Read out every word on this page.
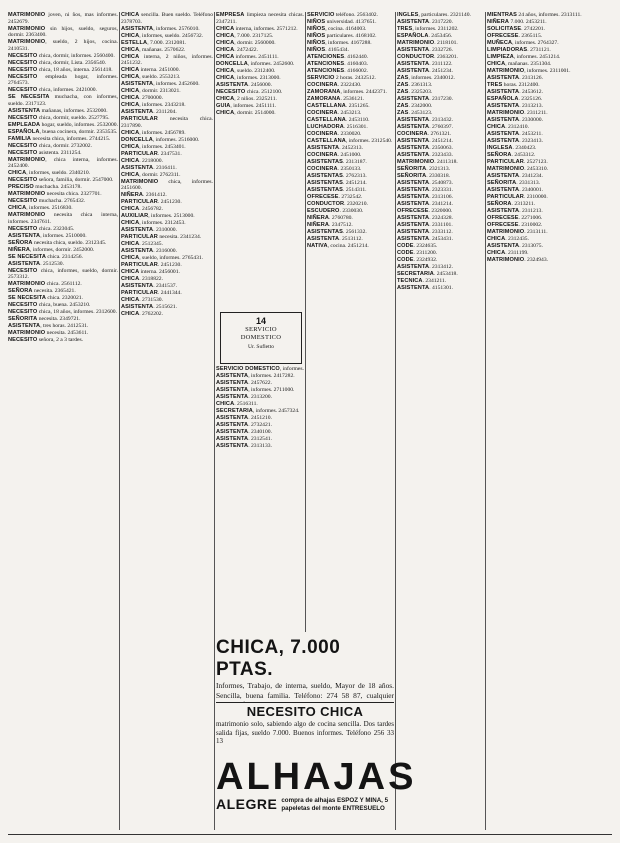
MATRIMONIO joven, ni ños, mas informes. 2452679.

MATRIMONIO sin hijos, sueldo, seguros, dormir. 2363400.

MATRIMONIO, sueldo, 2 hijos, cocina. 2410531.

NECESITO chica, dormir, informes. 2560400.

NECESITO chica, dormir, Lista. 2356540.

NECESITO chica, 18 años, interna. 2561418.

NECESITO empleada hogar, informes. 2764573.

NECESITO chica, informes. 2421000.

SE NECESITA muchacha, con informes, sueldo. 2317123.

ASISTENTA mañanas, informes. 2532000.

NECESITO chica, dormir, sueldo. 2527795.

EMPLEADA hogar, sueldo, informes. 2532000.

ESPAÑOLA, buena cocinera, dormir. 2353535.

FAMILIA necesita chica, informes. 2744215.

NECESITO chica, dormir. 2732002.

NECESITO asistenta. 2311254.

MATRIMONIO, chica interna, informes. 2452400.

CHICA, informes, sueldo. 2340210.

NECESITO señora, familia, dormir. 2547000.

PRECISO muchacha. 2453178.

MATRIMONIO necesita chica. 2327701.

NECESITO muchacha. 2765432.

CHICA, informes. 2516830.

MATRIMONIO necesita chica interna, informes. 2347611.

NECESITO chica. 2323045.

ASISTENTA, informes. 2510000.

SEÑORA necesita chica, sueldo. 2312345.

NIÑERA, informes, dormir. 2452000.

SE NECESITA chica. 2314256.

ASISTENTA. 2512530.

NECESITO chica, informes, sueldo, dormir. 2573312.

MATRIMONIO chica. 2561112.

SEÑORA necesita. 2365421.

SE NECESITA chica. 2320021.

NECESITO chica, buena. 2453210.

NECESITO chica, 18 años, informes. 2312600.

SEÑORITA necesita. 2349721.

ASISTENTA, tres horas. 2412531.

MATRIMONIO necesita. 2453611.

NECESITO señora, 2 a 3 tardes.

CHICA sencilla. Buen sueldo. Teléfono 2378703.

ASISTENTA, informes. 2576010.

CHICA, informes, sueldo. 2456732.

ESTELLA, 7.000. 2312081.

CHICA, mañanas. 2570622.

CHICA interna, 2 niños, informes. 2451232.

CHICA interna. 2451000.

CHICA, sueldo. 2553213.

ASISTENTA, informes. 2452600.

CHICA, dormir. 2313021.

CHICA. 2700000.

CHICA, informes. 2343218.

ASISTENTA. 2311204.

PARTICULAR necesita chica. 2317890.

CHICA, informes. 2456789.

DONCELLA, informes. 2516000.

CHICA, informes. 2453401.

PARTICULAR. 2347531.

CHICA. 2218000.

ASISTENTA. 2316411.

CHICA, dormir. 2762311.

MATRIMONIO chica, informes. 2451600.

NIÑERA. 2361412.

PARTICULAR. 2451230.

CHICA. 2456782.

AUXILIAR, informes. 2513000.

CHICA, informes. 2312453.

ASISTENTA. 2310000.

PARTICULAR necesita. 2341234.

CHICA. 2512345.

ASISTENTA. 2316000.

CHICA, sueldo, informes. 2765431.

PARTICULAR. 2451230.

CHICA interna. 2456001.

CHICA. 2318822.

ASISTENTA. 2341537.

PARTICULAR. 2441344.

CHICA. 2731530.

ASISTENTA. 2515621.

CHICA. 2762202.

EMPRESA limpieza necesita chicas. 2347211.

CHICA interna, informes. 2571212.

CHICA, 7.000. 2317125.

CHICA, dormir. 2560000.

CHICA. 2472422.

CHICA informes. 2451111.

DONCELLA, informes. 2452600.

CHICA, sueldo. 2312400.

CHICA, informes. 2313000.

ASISTENTA. 2456000.

NECESITO chica. 2512100.

CHICA, 2 niños. 2325211.

GUIA, informes. 2451111.

CHICA, dormir. 2514000.

SERVICIO DOMESTICO, informes.

ASISTENTA, informes. 2417282.

ASISTENTA. 2457622.

ASISTENTA, informes. 2711000.

ASISTENTA. 2313200.

CHICA. 2516311.

SECRETARIA, informes. 2457324.

ASISTENTA. 2451210.

ASISTENTA. 2732421.

ASISTENTA. 2340100.

ASISTENTA. 2312541.

ASISTENTA. 2313133.

SERVICIO teléfono. 2563402.

NIÑOS universidad. 4137651.

NIÑOS, cocina. 4164003.

NIÑOS particulares. 4168102.

NIÑOS, informes. 4167288.

NIÑOS. 4165434.

ATENCIONES. 4162440.

ATENCIONES. 4160403.

ATENCIONES. 4166002.

SERVICIO 2 horas. 2432512.

COCINERA. 2322430.

ZAMORANA, informes. 2442371.

ZAMORANA. 2536121.

CASTELLANA. 2351265.

COCINERA. 2453213.

CASTELLANA. 2453110.

LUCHADORA. 2516301.

COCINERA. 2330020.

CASTELLANA, informes. 2312540.

ASISTENTA. 2452313.

COCINERA. 2451000.

ASISTENTAS. 2313187.

COCINERA. 2350133.

ASISTENTAS. 2762313.

ASISTENTAS. 2451214.

ASISTENTAS. 2514311.

OFRECESE. 2732542.

CONDUCTOR. 2320210.

ESCUDERO. 2330030.

NIÑERA. 2760780.

NIÑERA. 2347512.

ASISTENTAS. 2561332.

ASISTENTA. 2513112.

NATIVA, cocina. 2451214.

INGLES, particulares. 2321140.

ASISTENTA. 2317220.

TRES, informes. 2311202.

ESPAÑOLA. 2453456.

MATRIMONIO. 2118101.

ASISTENTA. 2332726.

CONDUCTOR. 2363201.

ASISTENTA. 2311122.

ASISTENTA. 2451234.

ZAS, informes. 2340012.

ZAS. 2361313.

ZAS. 2325203.

ASISTENTA. 2317230.

ZAS. 2342000.

ZAS. 2453123.

ASISTENTA. 2313432.

ASISTENTA. 2760397.

COCINERA. 2761321.

ASISTENTA. 2451214.

ASISTENTA. 2350063.

ASISTENTA. 2323433.

MATRIMONIO. 2411318.

SEÑORITA. 2321313.

SEÑORITA. 2330318.

ASISTENTA. 2540873.

ASISTENTA. 2323331.

ASISTENTA. 2313106.

ASISTENTA. 2341214.

OFRECESE. 2320000.

ASISTENTA. 2324328.

ASISTENTA. 2331101.

ASISTENTA. 2333112.

ASISTENTA. 2453431.

CODE. 2324635.

CODE. 2311200.

CODE. 2324932.

ASISTENTA. 2313412.

SECRETARIA. 2453418.

TECNICA. 2341211.

ASISTENTA. 4151301.

MIENTRAS 24 años, informes. 2313111.

NIÑERA 7.000. 2453211.

SOLICITASE. 2742201.

OFRECESE. 2365115.

MUÑECA, informes. 2764327.

LIMPIADORAS. 2731121.

LIMPIEZA, informes. 2451214.

CHICA, mañanas. 2351304.

MATRIMONIO, informes. 2311001.

ASISTENTA. 2313126.

TRES horas. 2312400.

ASISTENTA. 2453612.

ESPAÑOLA. 2325126.

ASISTENTA. 2313213.

MATRIMONIO. 2311211.

ASISTENTA. 2330000.

CHICA. 2312410.

ASISTENTA. 2453211.

ASISTENTA. 2323413.

INGLESA. 2340423.

SEÑORA. 2453312.

PARTICULAR. 2527123.

MATRIMONIO. 2453310.

ASISTENTA. 2341234.

SEÑORITA. 2331313.

ASISTENTA. 2340001.

PARTICULAR. 2310000.

SEÑORA. 2313211.

ASISTENTA. 2311213.

OFRECESE. 2271006.

OFRECESE. 2310002.

MATRIMONIO. 2313111.

CHICA. 2312435.

ASISTENTA. 2313075.

CHICA. 2311199.

MATRIMONIO. 2324943.

14
SERVICIO
DOMESTICO
Ur. Sufletto
CHICA, 7.000 PTAS.
Informes, Trabajo, de interna, sueldo, Mayor de 18 años. Sencilla, buena familia. Teléfono: 274 58 87, cualquier
NECESITO CHICA
matrimonio solo, sabiendo algo de cocina sencilla. Dos tardes salida fijas, sueldo 7.000. Buenos informes. Teléfono 256 33 13
ALHAJAS
ALEGRE compra de alhajas ESPOZ Y MINA, 5 papeletas del monte ENTRESUELO
